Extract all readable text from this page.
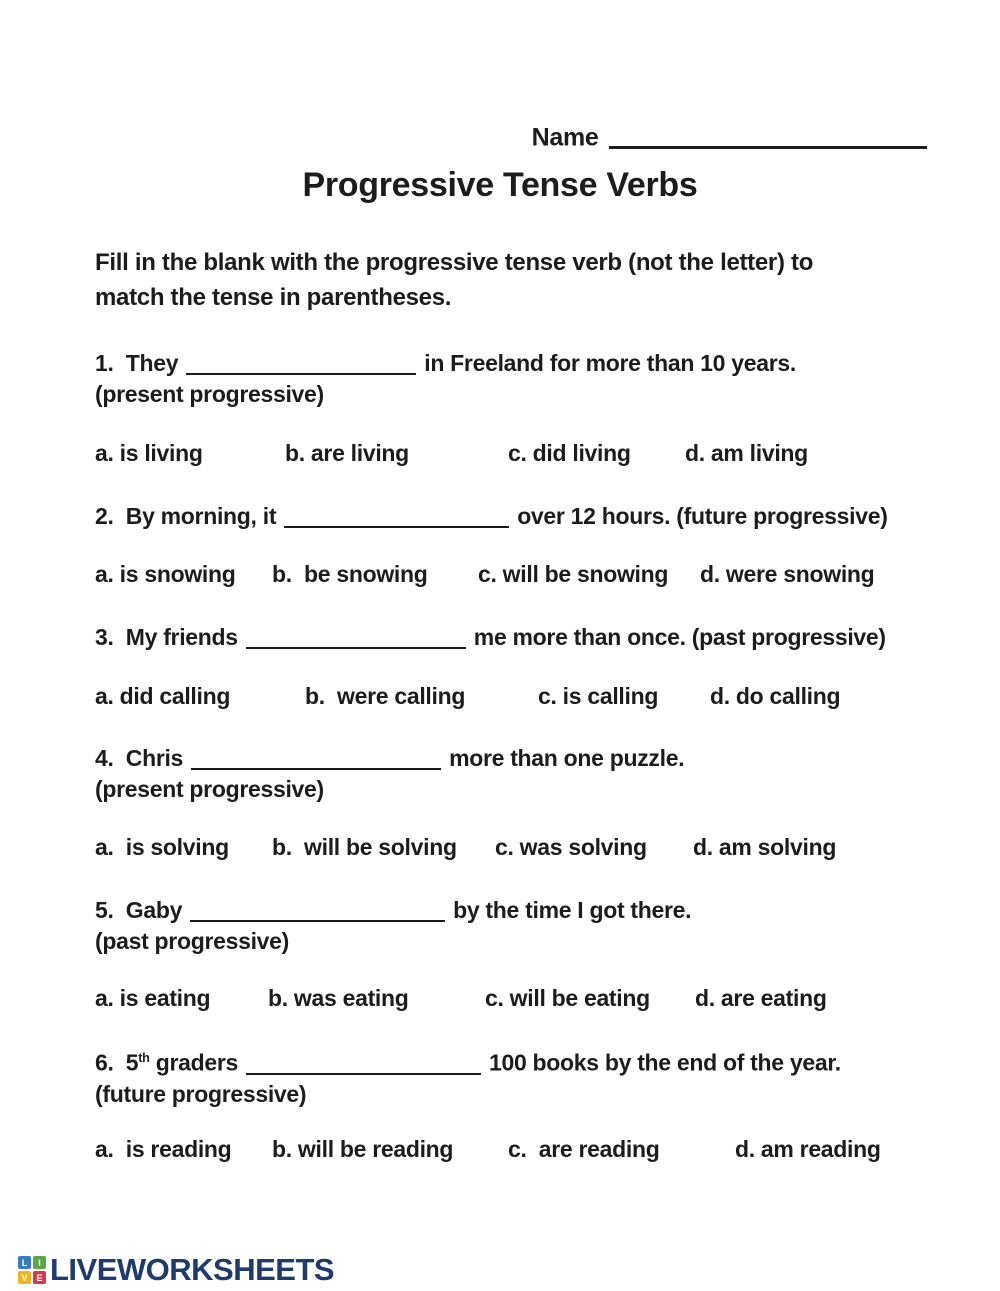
Name

Progressive Tense Verbs
Fill in the blank with the progressive tense verb (not the letter) to
match the tense in parentheses.
1.  They	in Freeland for more than 10 years.
(present progressive)
a. is living	b. are living	c. did living d. am living
2.  By morning, it	over 12 hours. (future progressive)
a. is snowing b.  be snowing c. will be snowing d. were snowing
3.  My friends	me more than once. (past progressive)
a. did calling	b.  were calling	c. is calling d. do calling
4.  Chris	more than one puzzle.
(present progressive)
a.  is solving b.  will be solving c. was solving d. am solving
5.  Gaby	by the time I got there.
(past progressive)
a. is eating	b. was eating	c. will be eating d. are eating
6.  5th graders	100 books by the end of the year.
(future progressive)
a.  is reading b. will be reading c.  are reading	d. am reading
L	I
V E LIVEWORKSHEETS
